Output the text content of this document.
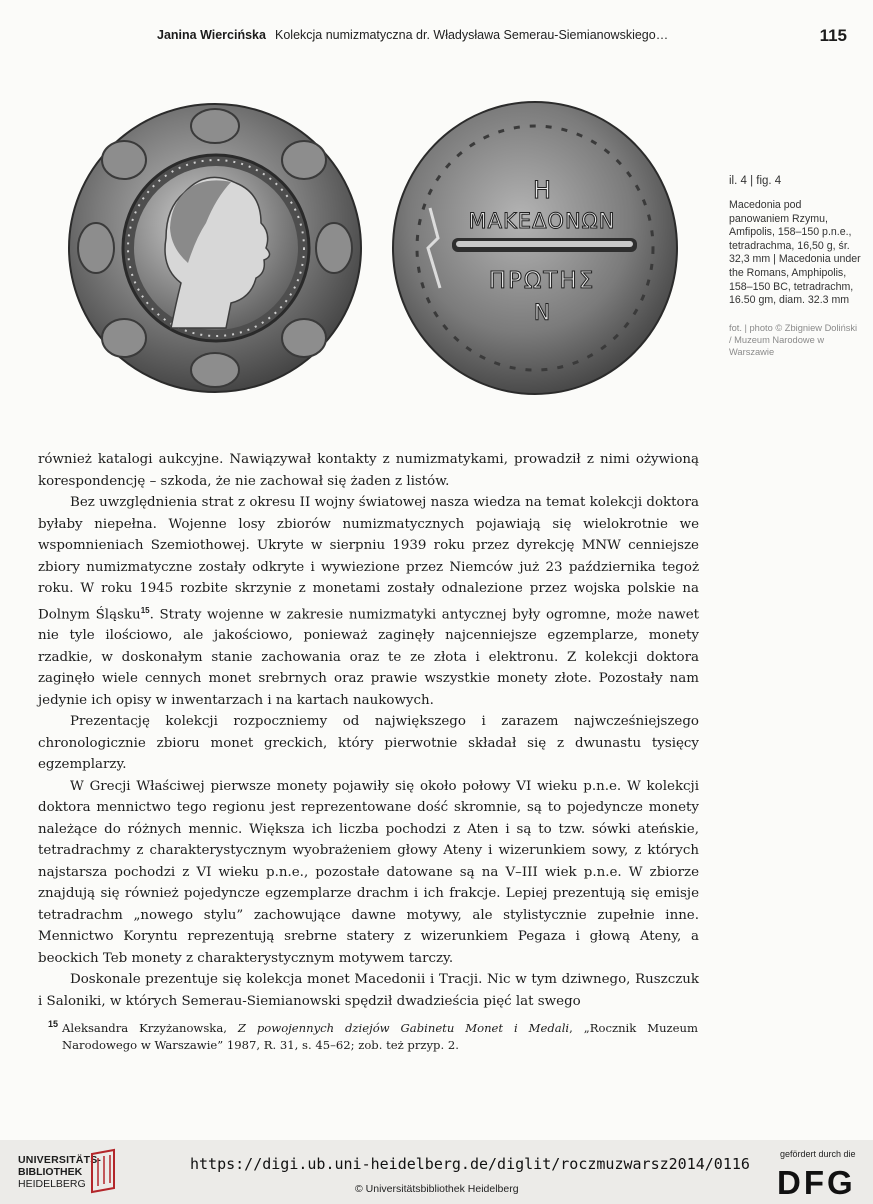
Janina Wiercińska Kolekcja numizmatyczna dr. Władysława Semerau-Siemianowskiego…	115
Η
ΜΑΚΕΔΟΝΩΝ
ΠΡΩΤΗΣ
Ν
il. 4 | fig. 4
Macedonia pod panowaniem Rzymu, Amfipolis, 158–150 p.n.e., tetradrachma, 16,50 g, śr. 32,3 mm | Macedonia under the Romans, Amphipolis, 158–150 BC, tetradrachm, 16.50 gm, diam. 32.3 mm
fot. | photo © Zbigniew Doliński / Muzeum Narodowe w Warszawie

również katalogi aukcyjne. Nawiązywał kontakty z numizmatykami, prowadził z nimi ożywioną korespondencję – szkoda, że nie zachował się żaden z listów.

Bez uwzględnienia strat z okresu II wojny światowej nasza wiedza na temat kolekcji doktora byłaby niepełna. Wojenne losy zbiorów numizmatycznych pojawiają się wielokrotnie we wspomnieniach Szemiothowej. Ukryte w sierpniu 1939 roku przez dyrekcję MNW cenniejsze zbiory numizmatyczne zostały odkryte i wywiezione przez Niemców już 23 października tegoż roku. W roku 1945 rozbite skrzynie z monetami zostały odnalezione przez wojska polskie na Dolnym Śląsku$^{15}$. Straty wojenne w zakresie numizmatyki antycznej były ogromne, może nawet nie tyle ilościowo, ale jakościowo, ponieważ zaginęły najcenniejsze egzemplarze, monety rzadkie, w doskonałym stanie zachowania oraz te ze złota i elektronu. Z kolekcji doktora zaginęło wiele cennych monet srebrnych oraz prawie wszystkie monety złote. Pozostały nam jedynie ich opisy w inwentarzach i na kartach naukowych.

Prezentację kolekcji rozpoczniemy od największego i zarazem najwcześniejszego chronologicznie zbioru monet greckich, który pierwotnie składał się z dwunastu tysięcy egzemplarzy.

W Grecji Właściwej pierwsze monety pojawiły się około połowy VI wieku p.n.e. W kolekcji doktora mennictwo tego regionu jest reprezentowane dość skromnie, są to pojedyncze monety należące do różnych mennic. Większa ich liczba pochodzi z Aten i są to tzw. sówki ateńskie, tetradrachmy z charakterystycznym wyobrażeniem głowy Ateny i wizerunkiem sowy, z których najstarsza pochodzi z VI wieku p.n.e., pozostałe datowane są na V–III wiek p.n.e. W zbiorze znajdują się również pojedyncze egzemplarze drachm i ich frakcje. Lepiej prezentują się emisje tetradrachm „nowego stylu” zachowujące dawne motywy, ale stylistycznie zupełnie inne. Mennictwo Koryntu reprezentują srebrne statery z wizerunkiem Pegaza i głową Ateny, a beockich Teb monety z charakterystycznym motywem tarczy.

Doskonale prezentuje się kolekcja monet Macedonii i Tracji. Nic w tym dziwnego, Ruszczuk i Saloniki, w których Semerau-Siemianowski spędził dwadzieścia pięć lat swego

15 Aleksandra Krzyżanowska, Z powojennych dziejów Gabinetu Monet i Medali, „Rocznik Muzeum Narodowego w Warszawie” 1987, R. 31, s. 45–62; zob. też przyp. 2.
UNIVERSITÄTS-
BIBLIOTHEK
HEIDELBERG
https://digi.ub.uni-heidelberg.de/diglit/roczmuzwarsz2014/0116
© Universitätsbibliothek Heidelberg
gefördert durch die
DFG
